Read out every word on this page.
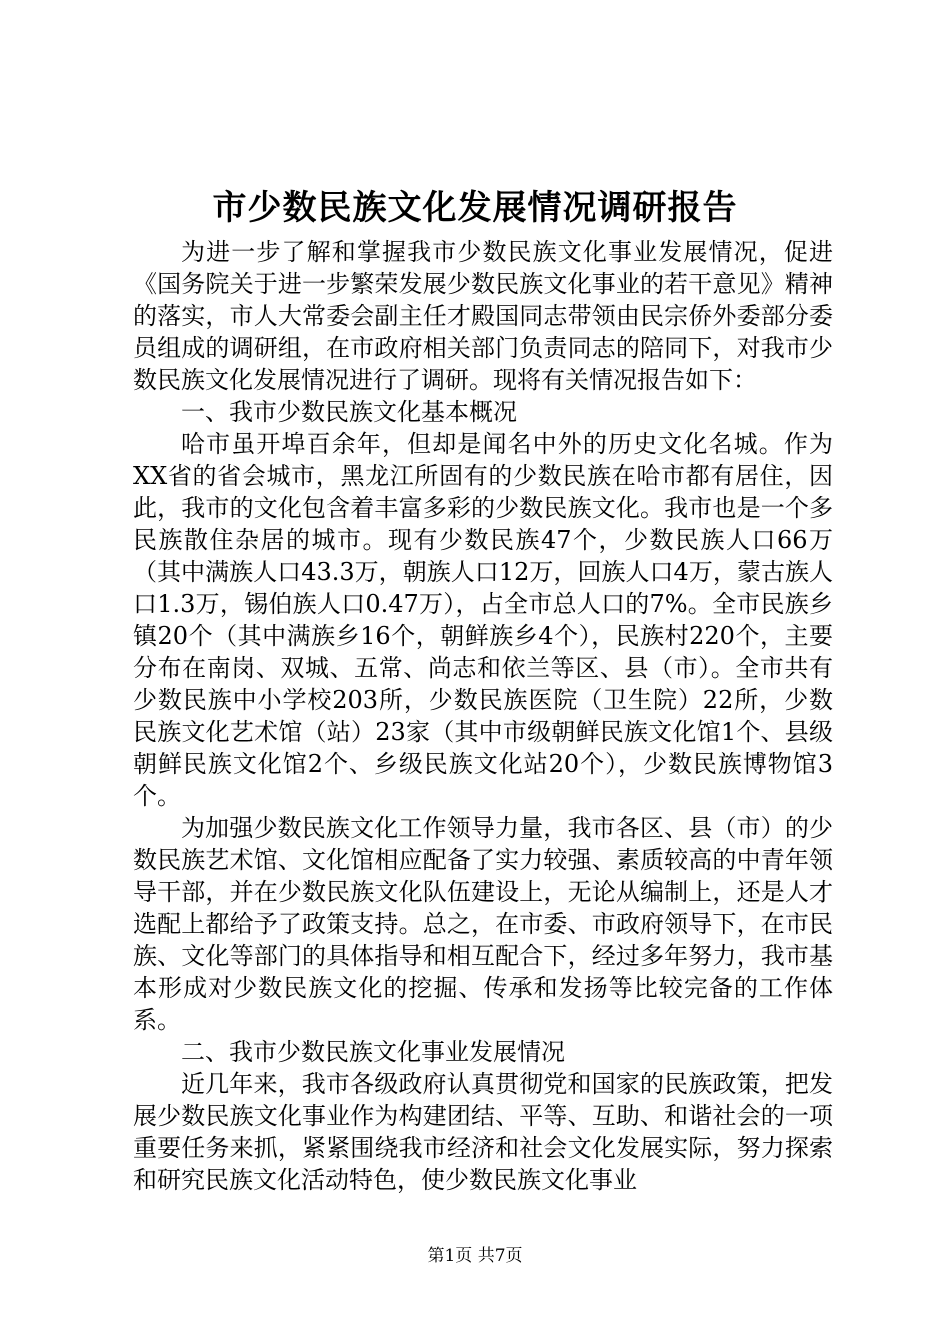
市少数民族文化发展情况调研报告

为进一步了解和掌握我市少数民族文化事业发展情况，促进《国务院关于进一步繁荣发展少数民族文化事业的若干意见》精神的落实，市人大常委会副主任才殿国同志带领由民宗侨外委部分委员组成的调研组，在市政府相关部门负责同志的陪同下，对我市少数民族文化发展情况进行了调研。现将有关情况报告如下：

一、我市少数民族文化基本概况

哈市虽开埠百余年，但却是闻名中外的历史文化名城。作为XX省的省会城市，黑龙江所固有的少数民族在哈市都有居住，因此，我市的文化包含着丰富多彩的少数民族文化。我市也是一个多民族散住杂居的城市。现有少数民族47个，少数民族人口66万（其中满族人口43.3万，朝族人口12万，回族人口4万，蒙古族人口1.3万，锡伯族人口0.47万），占全市总人口的7%。全市民族乡镇20个（其中满族乡16个，朝鲜族乡4个），民族村220个，主要分布在南岗、双城、五常、尚志和依兰等区、县（市）。全市共有少数民族中小学校203所，少数民族医院（卫生院）22所，少数民族文化艺术馆（站）23家（其中市级朝鲜民族文化馆1个、县级朝鲜民族文化馆2个、乡级民族文化站20个），少数民族博物馆3个。

为加强少数民族文化工作领导力量，我市各区、县（市）的少数民族艺术馆、文化馆相应配备了实力较强、素质较高的中青年领导干部，并在少数民族文化队伍建设上，无论从编制上，还是人才选配上都给予了政策支持。总之，在市委、市政府领导下，在市民族、文化等部门的具体指导和相互配合下，经过多年努力，我市基本形成对少数民族文化的挖掘、传承和发扬等比较完备的工作体系。

二、我市少数民族文化事业发展情况

近几年来，我市各级政府认真贯彻党和国家的民族政策，把发展少数民族文化事业作为构建团结、平等、互助、和谐社会的一项重要任务来抓，紧紧围绕我市经济和社会文化发展实际，努力探索和研究民族文化活动特色，使少数民族文化事业

第1页 共7页
